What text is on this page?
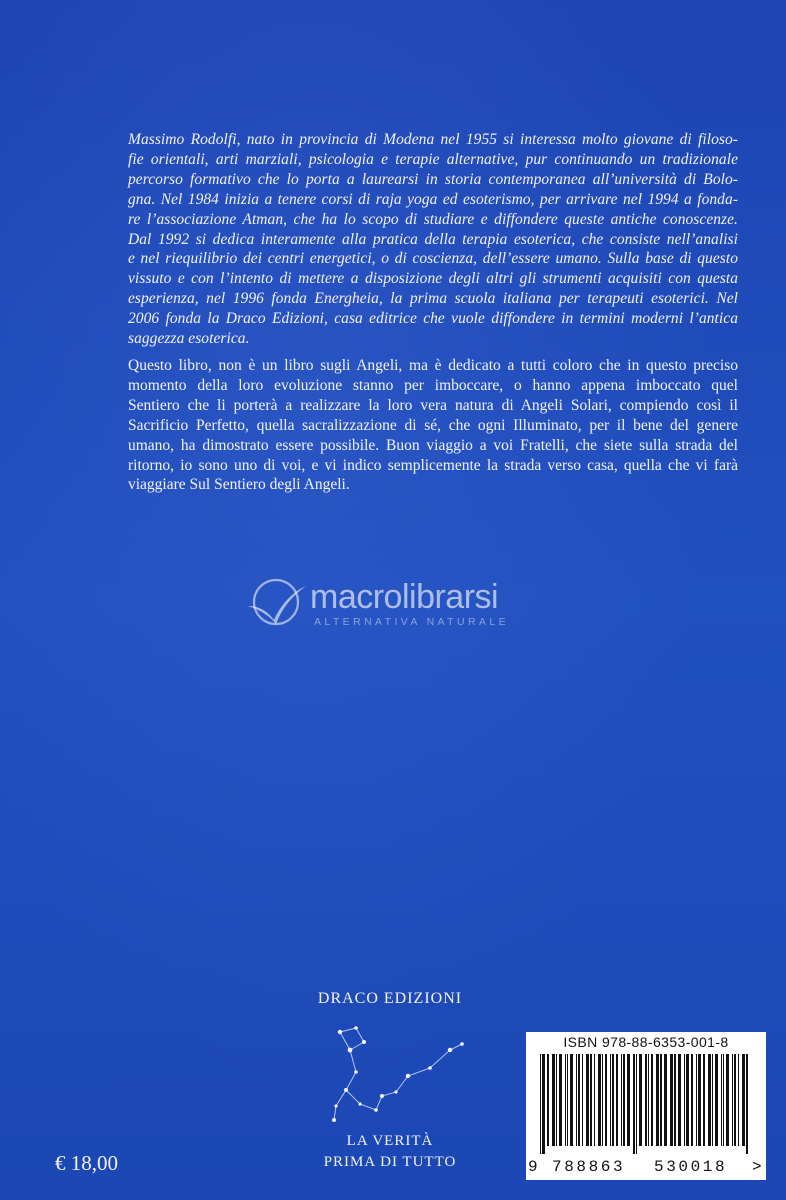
Massimo Rodolfi, nato in provincia di Modena nel 1955 si interessa molto giovane di filoso-
fie orientali, arti marziali, psicologia e terapie alternative, pur continuando un tradizionale
percorso formativo che lo porta a laurearsi in storia contemporanea all’università di Bolo-
gna. Nel 1984 inizia a tenere corsi di raja yoga ed esoterismo, per arrivare nel 1994 a fonda-
re l’associazione Atman, che ha lo scopo di studiare e diffondere queste antiche conoscenze.
Dal 1992 si dedica interamente alla pratica della terapia esoterica, che consiste nell’analisi
e nel riequilibrio dei centri energetici, o di coscienza, dell’essere umano. Sulla base di questo
vissuto e con l’intento di mettere a disposizione degli altri gli strumenti acquisiti con questa
esperienza, nel 1996 fonda Energheia, la prima scuola italiana per terapeuti esoterici. Nel
2006 fonda la Draco Edizioni, casa editrice che vuole diffondere in termini moderni l’antica
saggezza esoterica.
Questo libro, non è un libro sugli Angeli, ma è dedicato a tutti coloro che in questo preciso
momento della loro evoluzione stanno per imboccare, o hanno appena imboccato quel
Sentiero che li porterà a realizzare la loro vera natura di Angeli Solari, compiendo così il
Sacrificio Perfetto, quella sacralizzazione di sé, che ogni Illuminato, per il bene del genere
umano, ha dimostrato essere possibile. Buon viaggio a voi Fratelli, che siete sulla strada del
ritorno, io sono uno di voi, e vi indico semplicemente la strada verso casa, quella che vi farà
viaggiare Sul Sentiero degli Angeli.
macrolibrarsi
ALTERNATIVA NATURALE
DRACO EDIZIONI
LA VERITÀ
PRIMA DI TUTTO
€ 18,00
ISBN 978-88-6353-001-8
9 788863 530018 >
